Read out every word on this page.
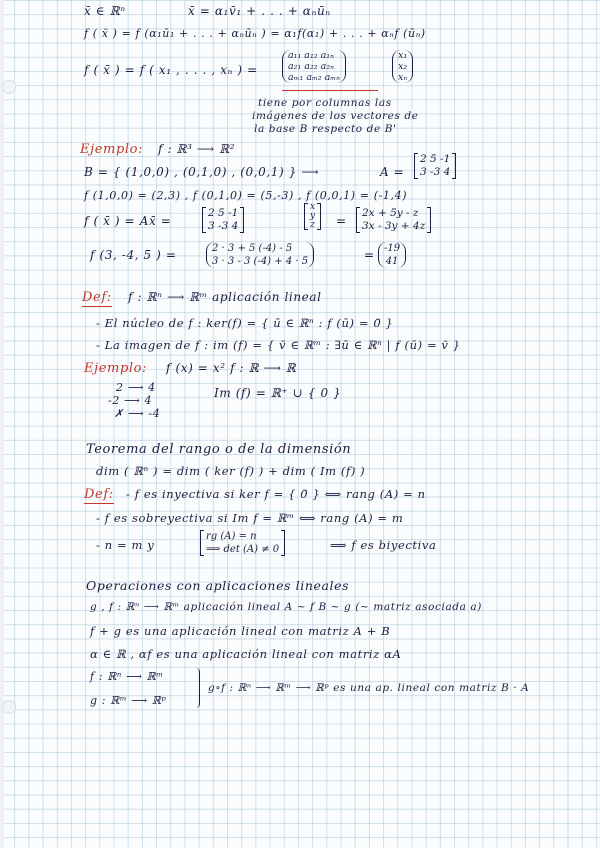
x̄ ∈ ℝⁿ	x̄ = α₁v̄₁ + . . . + αₙūₙ
f ( x̄ ) = f (α₁ū₁ + . . . + αₙūₙ ) = α₁f(α₁) + . . . + αₙf (ūₙ)
f ( x̄ ) = f ( x₁ , . . . , xₙ ) =
a₁₁ a₁₂ a₁ₙ
a₂₁ a₂₂ a₂ₙ
aₘ₁ aₘ₂ aₘₙ
x₁
x₂
xₙ
tiene por columnas las
imágenes de los vectores de
la base B respecto de B'
Ejemplo: f : ℝ³ ⟶ ℝ²
B = { (1,0,0) , (0,1,0) , (0,0,1) } ⟶	A =
2 5 -1
3 -3 4
f (1,0,0) = (2,3) , f (0,1,0) = (5,-3) , f (0,0,1) = (-1,4)
f ( x̄ ) = Ax̄ =
2 5 -1
3 -3 4
x
y
z =
2x + 5y - z
3x - 3y + 4z
f (3, -4, 5 ) =	2 · 3 + 5 (-4) - 5
3 · 3 - 3 (-4) + 4 · 5	= -19
41
Def: f : ℝⁿ ⟶ ℝᵐ aplicación lineal
- El núcleo de f : ker(f) = { ū ∈ ℝⁿ : f (ū) = 0̄ }
- La imagen de f : im (f) = { v̄ ∈ ℝᵐ : ∃ū ∈ ℝⁿ | f (ū) = v̄ }
Ejemplo: f (x) = x² f : ℝ ⟶ ℝ
2 ⟶ 4
-2 ⟶ 4
✗ ⟶ -4
Im (f) = ℝ⁺ ∪ { 0 }
Teorema del rango o de la dimensión
dim ( ℝⁿ ) = dim ( ker (f) ) + dim ( Im (f) )
Def: - f es inyectiva si ker f = { 0̄ } ⟺ rang (A) = n
- f es sobreyectiva si Im f = ℝᵐ ⟺ rang (A) = m
- n = m y
rg (A) = n
⟹ det (A) ≠ 0	⟹ f es biyectiva
Operaciones con aplicaciones lineales
g , f : ℝⁿ ⟶ ℝᵐ aplicación lineal A ~ f B ~ g (~ matriz asociada a)
f + g es una aplicación lineal con matriz A + B
α ∈ ℝ , αf es una aplicación lineal con matriz αA
f : ℝⁿ ⟶ ℝᵐ
g : ℝᵐ ⟶ ℝᵖ
g∘f : ℝⁿ ⟶ ℝᵐ ⟶ ℝᵖ es una ap. lineal con matriz B · A
